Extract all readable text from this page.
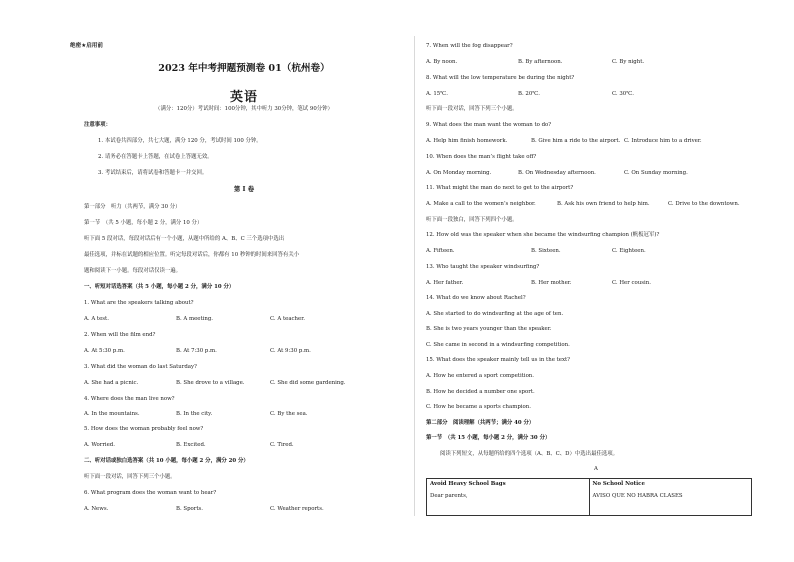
绝密★启用前
2023 年中考押题预测卷 01（杭州卷）
英语
（满分：120分）考试时间：100分钟，其中听力 30分钟，笔试 90分钟）
注意事项：
1. 本试卷共四部分，共七大题，满分 120 分，考试时间 100 分钟。
2. 请务必在答题卡上答题，在试卷上答题无效。
3. 考试结束后，请将试卷和答题卡一并交回。
第 I 卷
第一部分　听力（共两节，满分 30 分）
第一节　（共 5 小题，每小题 2 分，满分 10 分）
听下面 5 段对话，每段对话后有一个小题，从题中所给的 A、B、C 三个选项中选出
最佳选项，并标在试题的相应位置。听完每段对话后，你都有 10 秒钟的时间来回答有关小
题和阅读下一小题。每段对话仅读一遍。
一、听短对话选答案（共 5 小题，每小题 2 分，满分 10 分）
1. What are the speakers talking about?
A. A test.	B. A meeting.	C. A teacher.
2. When will the film end?
A. At 5:30 p.m.	B. At 7:30 p.m.	C. At 9:30 p.m.
3. What did the woman do last Saturday?
A. She had a picnic.	B. She drove to a village.	C. She did some gardening.
4. Where does the man live now?
A. In the mountains.	B. In the city.	C. By the sea.
5. How does the woman probably feel now?
A. Worried.	B. Excited.	C. Tired.
二、听对话或独白选答案（共 10 小题，每小题 2 分，满分 20 分）
听下面一段对话，回答下列三个小题。
6. What program does the woman want to hear?
A. News.	B. Sports.	C. Weather reports.
7. When will the fog disappear?
A. By noon.	B. By afternoon.	C. By night.
8. What will the low temperature be during the night?
A. 15℃.	B. 20℃.	C. 30℃.
听下面一段对话，回答下列三个小题。
9. What does the man want the woman to do?
A. Help him finish homework.	B. Give him a ride to the airport. C. Introduce him to a driver.
10. When does the man’s flight take off?
A. On Monday morning.	B. On Wednesday afternoon.	C. On Sunday morning.
11. What might the man do next to get to the airport?
A. Make a call to the women’s neighbor.	B. Ask his own friend to help him.	C. Drive to the downtown.
听下面一段独白，回答下列四个小题。
12. How old was the speaker when she became the windsurfing champion (帆板冠军)?
A. Fifteen.	B. Sixteen.	C. Eighteen.
13. Who taught the speaker windsurfing?
A. Her father.	B. Her mother.	C. Her cousin.
14. What do we know about Rachel?
A. She started to do windsurfing at the age of ten.
B. She is two years younger than the speaker.
C. She came in second in a windsurfing competition.
15. What does the speaker mainly tell us in the text?
A. How he entered a sport competition.
B. How he decided a number one sport.
C. How he became a sports champion.
第二部分　阅读理解（共两节；满分 40 分）
第一节　（共 15 小题，每小题 2 分，满分 30 分）
阅读下列短文，从每题所给的四个选项（A、B、C、D）中选出最佳选项。
A
Avoid Heavy School Bags
Dear parents,	
No School Notice
AVISO QUE NO HABRA CLASES
